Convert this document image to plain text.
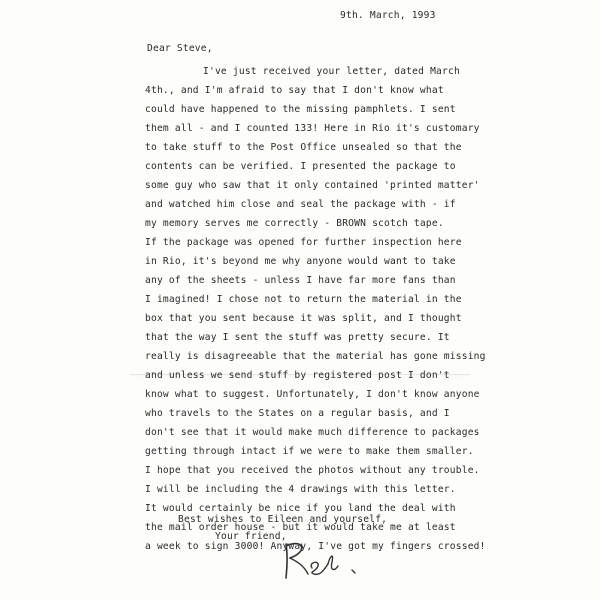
9th. March, 1993
Dear Steve,
I've just received your letter, dated March
4th., and I'm afraid to say that I don't know what
could have happened to the missing pamphlets. I sent
them all - and I counted 133! Here in Rio it's customary
to take stuff to the Post Office unsealed so that the
contents can be verified. I presented the package to
some guy who saw that it only contained 'printed matter'
and watched him close and seal the package with - if
my memory serves me correctly - BROWN scotch tape.
If the package was opened for further inspection here
in Rio, it's beyond me why anyone would want to take
any of the sheets - unless I have far more fans than
I imagined! I chose not to return the material in the
box that you sent because it was split, and I thought
that the way I sent the stuff was pretty secure. It
really is disagreeable that the material has gone missing
and unless we send stuff by registered post I don't
know what to suggest. Unfortunately, I don't know anyone
who travels to the States on a regular basis, and I
don't see that it would make much difference to packages
getting through intact if we were to make them smaller.
I hope that you received the photos without any trouble.
I will be including the 4 drawings with this letter.
It would certainly be nice if you land the deal with
the mail order house - but it would take me at least
a week to sign 3000! Anyway, I've got my fingers crossed!
Best wishes to Eileen and yourself,
Your friend,
